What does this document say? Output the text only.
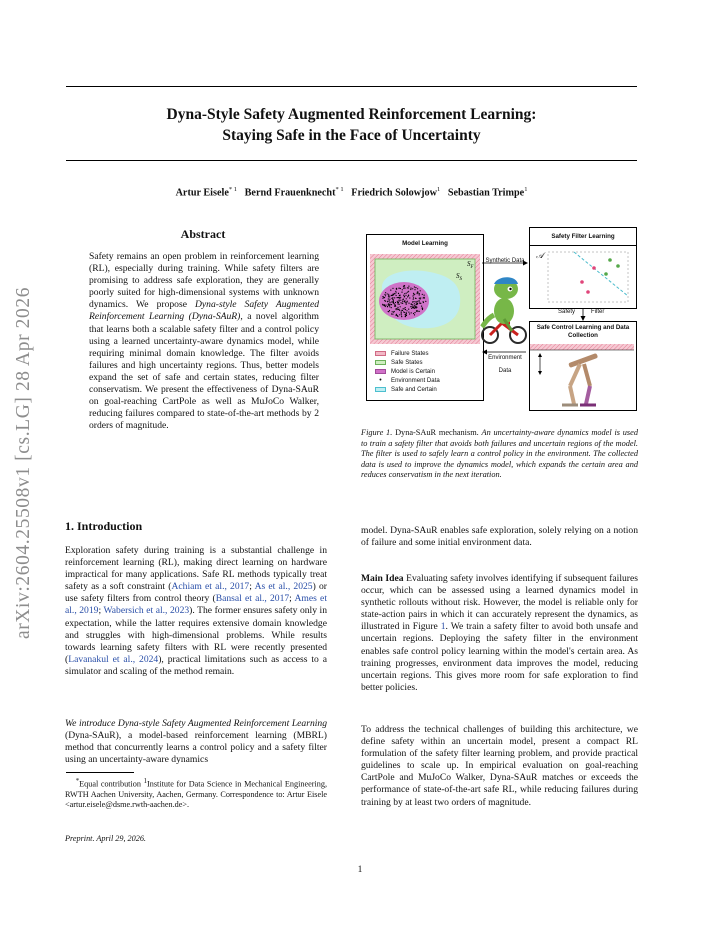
arXiv:2604.25508v1 [cs.LG] 28 Apr 2026
Dyna-Style Safety Augmented Reinforcement Learning:
Staying Safe in the Face of Uncertainty
Artur Eisele$^{* 1}$ Bernd Frauenknecht$^{* 1}$ Friedrich Solowjow$^1$ Sebastian Trimpe$^1$
Abstract
Safety remains an open problem in reinforcement learning (RL), especially during training. While safety filters are promising to address safe exploration, they are generally poorly suited for high-dimensional systems with unknown dynamics. We propose Dyna-style Safety Augmented Reinforcement Learning (Dyna-SAuR), a novel algorithm that learns both a scalable safety filter and a control policy using a learned uncertainty-aware dynamics model, while requiring minimal domain knowledge. The filter avoids failures and high uncertainty regions. Thus, better models expand the set of safe and certain states, reducing filter conservatism. We present the effectiveness of Dyna-SAuR on goal-reaching CartPole as well as MuJoCo Walker, reducing failures compared to state-of-the-art methods by 2 orders of magnitude.
Model Learning
$S_F$
$S_S$
Failure States
Safe States
Model is Certain
•	Environment Data
Safe and Certain
Synthetic Data
Environment Data
Safety Filter Learning
𝒜
Safety	Filter
Safe Control Learning and Data Collection
Figure 1. Dyna-SAuR mechanism. An uncertainty-aware dynamics model is used to train a safety filter that avoids both failures and uncertain regions of the model. The filter is used to safely learn a control policy in the environment. The collected data is used to improve the dynamics model, which expands the certain area and reduces conservatism in the next iteration.
1. Introduction
Exploration safety during training is a substantial challenge in reinforcement learning (RL), making direct learning on hardware impractical for many applications. Safe RL methods typically treat safety as a soft constraint (Achiam et al., 2017; As et al., 2025) or use safety filters from control theory (Bansal et al., 2017; Ames et al., 2019; Wabersich et al., 2023). The former ensures safety only in expectation, while the latter requires extensive domain knowledge and struggles with high-dimensional problems. While results towards learning safety filters with RL were recently presented (Lavanakul et al., 2024), practical limitations such as access to a simulator and scaling of the method remain.
We introduce Dyna-style Safety Augmented Reinforcement Learning (Dyna-SAuR), a model-based reinforcement learning (MBRL) method that concurrently learns a control policy and a safety filter using an uncertainty-aware dynamics
*Equal contribution $^1$Institute for Data Science in Mechanical Engineering, RWTH Aachen University, Aachen, Germany. Correspondence to: Artur Eisele <artur.eisele@dsme.rwth-aachen.de>.
Preprint. April 29, 2026.
model. Dyna-SAuR enables safe exploration, solely relying on a notion of failure and some initial environment data.
Main Idea Evaluating safety involves identifying if subsequent failures occur, which can be assessed using a learned dynamics model in synthetic rollouts without risk. However, the model is reliable only for state-action pairs in which it can accurately represent the dynamics, as illustrated in Figure 1. We train a safety filter to avoid both unsafe and uncertain regions. Deploying the safety filter in the environment enables safe control policy learning within the model's certain area. As training progresses, environment data improves the model, reducing uncertain regions. This gives more room for safe exploration to find better policies.
To address the technical challenges of building this architecture, we define safety within an uncertain model, present a compact RL formulation of the safety filter learning problem, and provide practical guidelines to scale up. In empirical evaluation on goal-reaching CartPole and MuJoCo Walker, Dyna-SAuR matches or exceeds the performance of state-of-the-art safe RL, while reducing failures during training by at least two orders of magnitude.
1
